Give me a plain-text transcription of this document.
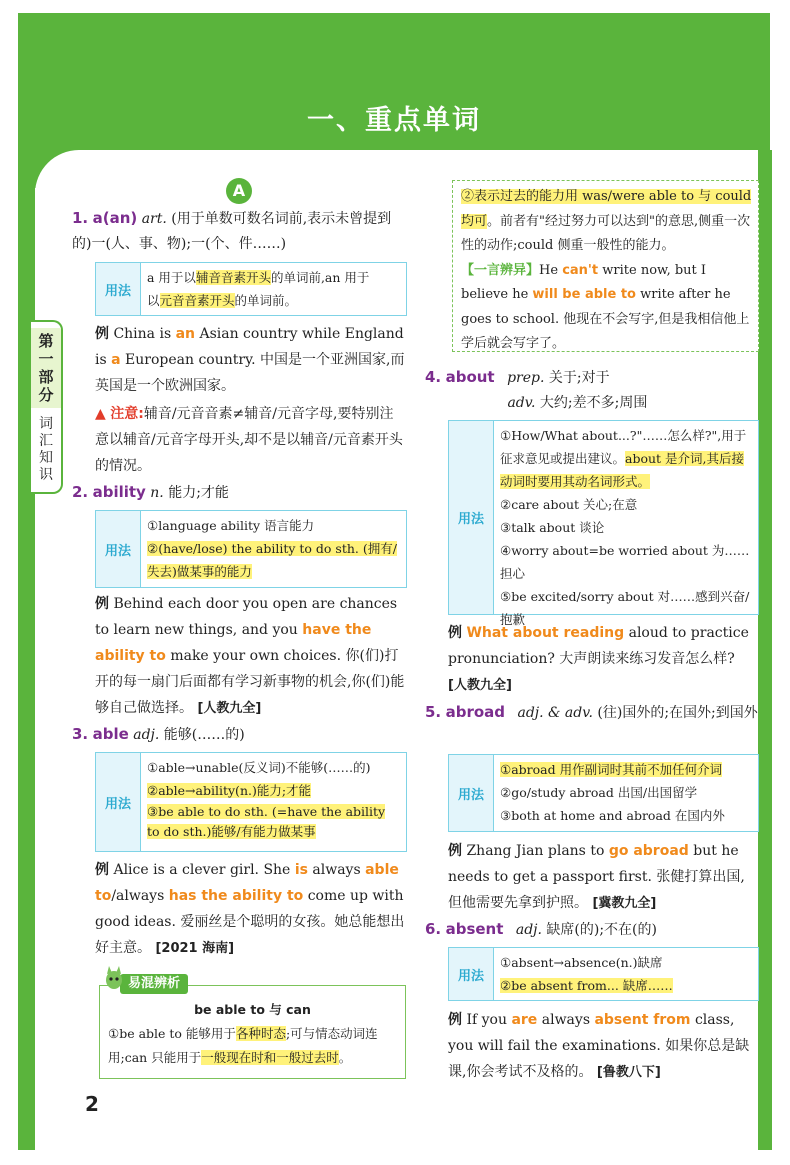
一、重点单词
第一部分
词汇知识
A
1. a(an) art. (用于单数可数名词前,表示未曾提到的)一(人、事、物);一(个、件……)
用法
a 用于以辅音音素开头的单词前,an 用于
以元音音素开头的单词前。
例 China is an Asian country while England is a European country. 中国是一个亚洲国家,而英国是一个欧洲国家。
▲ 注意:辅音/元音音素≠辅音/元音字母,要特别注意以辅音/元音字母开头,却不是以辅音/元音素开头的情况。
2. ability n. 能力;才能
用法
①language ability 语言能力
②(have/lose) the ability to do sth. (拥有/失去)做某事的能力
例 Behind each door you open are chances to learn new things, and you have the ability to make your own choices. 你(们)打开的每一扇门后面都有学习新事物的机会,你(们)能够自己做选择。 [人教九全]
3. able adj. 能够(……的)
用法
①able→unable(反义词)不能够(……的)
②able→ability(n.)能力;才能
③be able to do sth. (=have the ability to do sth.)能够/有能力做某事
例 Alice is a clever girl. She is always able to/always has the ability to come up with good ideas. 爱丽丝是个聪明的女孩。她总能想出好主意。 [2021 海南]
be able to 与 can
①be able to 能够用于各种时态;可与情态动词连用;can 只能用于一般现在时和一般过去时。
易混辨析
2
②表示过去的能力用 was/were able to 与 could 均可。前者有"经过努力可以达到"的意思,侧重一次性的动作;could 侧重一般性的能力。 【一言辨异】He can't write now, but I believe he will be able to write after he goes to school. 他现在不会写字,但是我相信他上学后就会写字了。
4. about prep. 关于;对于
adv. 大约;差不多;周围
用法
①How/What about...?"……怎么样?",用于征求意见或提出建议。about 是介词,其后接动词时要用其动名词形式。
②care about 关心;在意
③talk about 谈论
④worry about=be worried about 为……担心
⑤be excited/sorry about 对……感到兴奋/抱歉
例 What about reading aloud to practice pronunciation? 大声朗读来练习发音怎么样? [人教九全]
5. abroad adj. & adv. (往)国外的;在国外;到国外
用法
①abroad 用作副词时其前不加任何介词
②go/study abroad 出国/出国留学
③both at home and abroad 在国内外
例 Zhang Jian plans to go abroad but he needs to get a passport first. 张健打算出国,但他需要先拿到护照。 [冀教九全]
6. absent adj. 缺席(的);不在(的)
用法
①absent→absence(n.)缺席
②be absent from... 缺席……
例 If you are always absent from class, you will fail the examinations. 如果你总是缺课,你会考试不及格的。 [鲁教八下]
